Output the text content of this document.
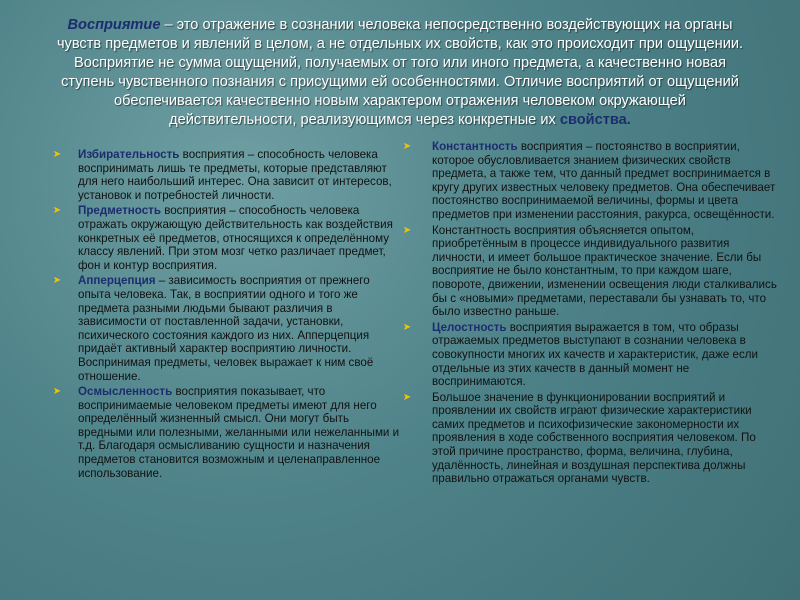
Восприятие – это отражение в сознании человека непосредственно воздействующих на органы чувств предметов и явлений в целом, а не отдельных их свойств, как это происходит при ощущении. Восприятие не сумма ощущений, получаемых от того или иного предмета, а качественно новая ступень чувственного познания с присущими ей особенностями. Отличие восприятий от ощущений обеспечивается качественно новым характером отражения человеком окружающей действительности, реализующимся через конкретные их свойства.
➤ Избирательность восприятия – способность человека воспринимать лишь те предметы, которые представляют для него наибольший интерес. Она зависит от интересов, установок и потребностей личности.
➤ Предметность восприятия – способность человека отражать окружающую действительность как воздействия конкретных её предметов, относящихся к определённому классу явлений. При этом мозг четко различает предмет, фон и контур восприятия.
➤ Апперцепция – зависимость восприятия от прежнего опыта человека. Так, в восприятии одного и того же предмета разными людьми бывают различия в зависимости от поставленной задачи, установки, психического состояния каждого из них. Апперцепция придаёт активный характер восприятию личности. Воспринимая предметы, человек выражает к ним своё отношение.
➤ Осмысленность восприятия показывает, что воспринимаемые человеком предметы имеют для него определённый жизненный смысл. Они могут быть вредными или полезными, желанными или нежеланными и т.д. Благодаря осмысливанию сущности и назначения предметов становится возможным и целенаправленное использование.
➤ Константность восприятия – постоянство в восприятии, которое обусловливается знанием физических свойств предмета, а также тем, что данный предмет воспринимается в кругу других известных человеку предметов. Она обеспечивает постоянство воспринимаемой величины, формы и цвета предметов при изменении расстояния, ракурса, освещённости.
➤ Константность восприятия объясняется опытом, приобретённым в процессе индивидуального развития личности, и имеет большое практическое значение. Если бы восприятие не было константным, то при каждом шаге, повороте, движении, изменении освещения люди сталкивались бы с «новыми» предметами, переставали бы узнавать то, что было известно раньше.
➤ Целостность восприятия выражается в том, что образы отражаемых предметов выступают в сознании человека в совокупности многих их качеств и характеристик, даже если отдельные из этих качеств в данный момент не воспринимаются.
➤ Большое значение в функционировании восприятий и проявлении их свойств играют физические характеристики самих предметов и психофизические закономерности их проявления в ходе собственного восприятия человеком. По этой причине пространство, форма, величина, глубина, удалённость, линейная и воздушная перспектива должны правильно отражаться органами чувств.
